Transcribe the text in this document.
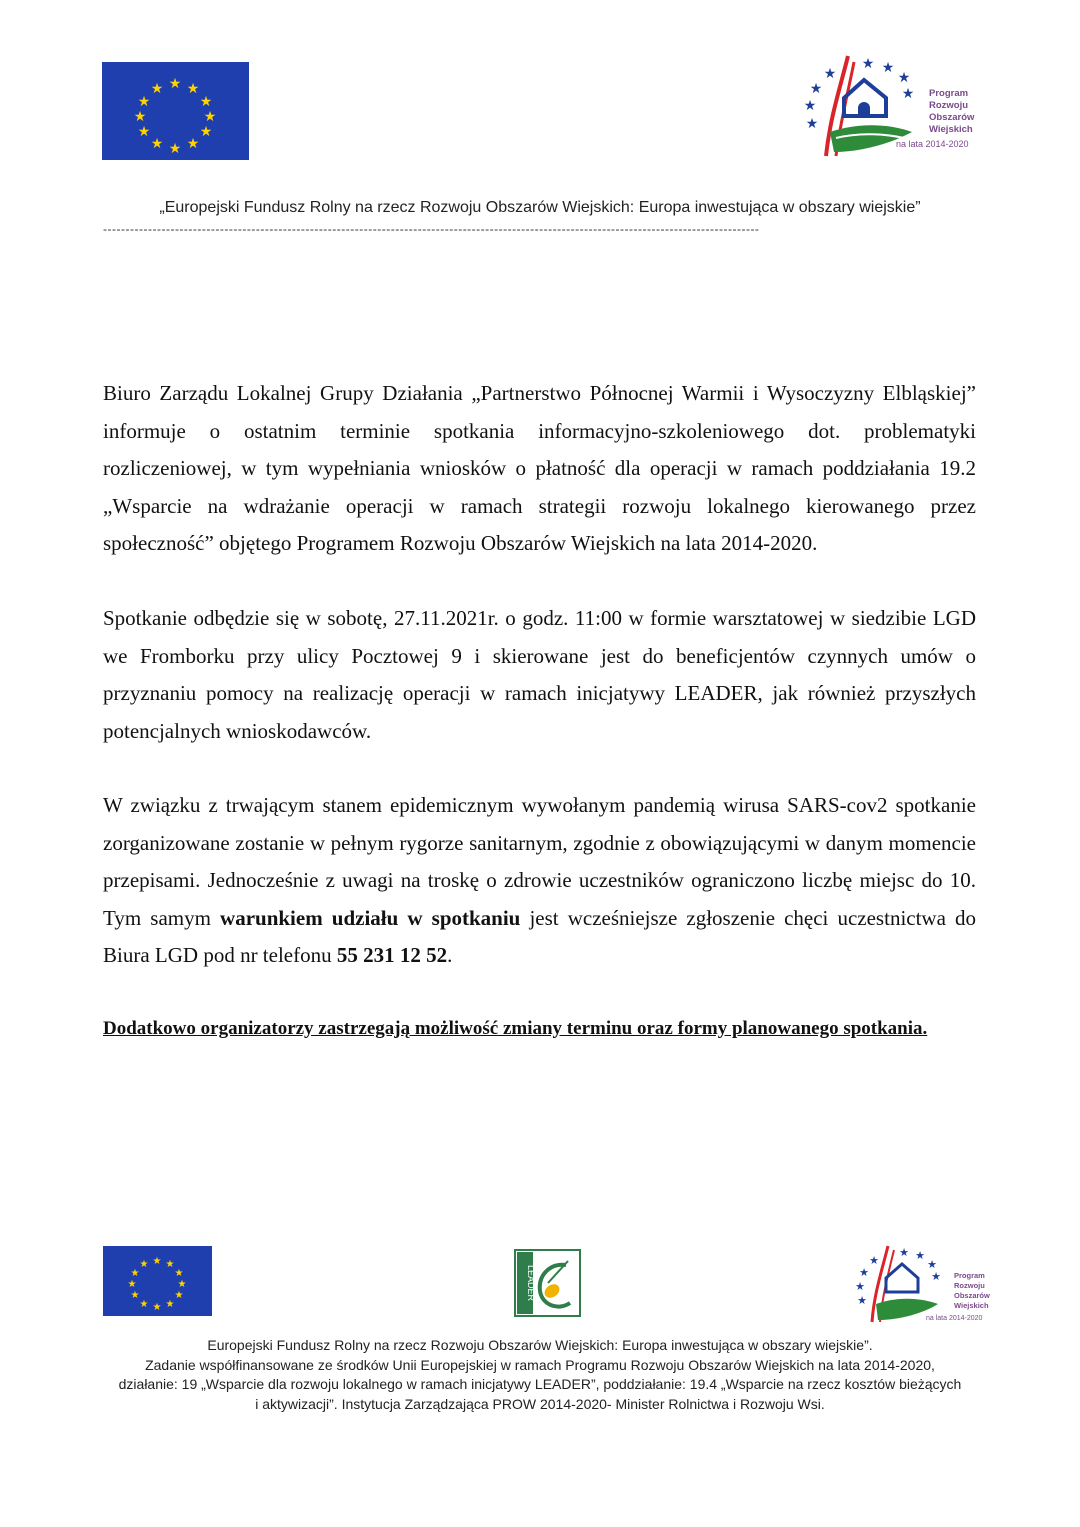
★ ★
★
★
★
★
★
★
★
★
★
★
★
★
★
★
★ ★
★
★ Program
Rozwoju
Obszarów
Wiejskich
na lata 2014-2020
„Europejski Fundusz Rolny na rzecz Rozwoju Obszarów Wiejskich: Europa inwestująca w obszary wiejskie”
--------------------------------------------------------------------------------------------------------------------------------------------------

Biuro Zarządu Lokalnej Grupy Działania „Partnerstwo Północnej Warmii i Wysoczyzny Elbląskiej” informuje o ostatnim terminie spotkania informacyjno-szkoleniowego dot. problematyki rozliczeniowej, w tym wypełniania wniosków o płatność dla operacji w ramach poddziałania 19.2 „Wsparcie na wdrażanie operacji w ramach strategii rozwoju lokalnego kierowanego przez społeczność” objętego Programem Rozwoju Obszarów Wiejskich na lata 2014-2020.

Spotkanie odbędzie się w sobotę, 27.11.2021r. o godz. 11:00 w formie warsztatowej w siedzibie LGD we Fromborku przy ulicy Pocztowej 9 i skierowane jest do beneficjentów czynnych umów o przyznaniu pomocy na realizację operacji w ramach inicjatywy LEADER, jak również przyszłych potencjalnych wnioskodawców.

W związku z trwającym stanem epidemicznym wywołanym pandemią wirusa SARS-cov2 spotkanie zorganizowane zostanie w pełnym rygorze sanitarnym, zgodnie z obowiązującymi w danym momencie przepisami. Jednocześnie z uwagi na troskę o zdrowie uczestników ograniczono liczbę miejsc do 10. Tym samym warunkiem udziału w spotkaniu jest wcześniejsze zgłoszenie chęci uczestnictwa do Biura LGD pod nr telefonu 55 231 12 52.

Dodatkowo organizatorzy zastrzegają możliwość zmiany terminu oraz formy planowanego spotkania.
★ ★
★
★
★
★
★
★
★
★
★
★
LEADER
★
★
★
★
★ ★
★
★ Program
Rozwoju
Obszarów
Wiejskich
na lata 2014-2020

Europejski Fundusz Rolny na rzecz Rozwoju Obszarów Wiejskich: Europa inwestująca w obszary wiejskie”.

Zadanie współfinansowane ze środków Unii Europejskiej w ramach Programu Rozwoju Obszarów Wiejskich na lata 2014-2020,

działanie: 19 „Wsparcie dla rozwoju lokalnego w ramach inicjatywy LEADER”, poddziałanie: 19.4 „Wsparcie na rzecz kosztów bieżących

i aktywizacji”. Instytucja Zarządzająca PROW 2014-2020- Minister Rolnictwa i Rozwoju Wsi.
